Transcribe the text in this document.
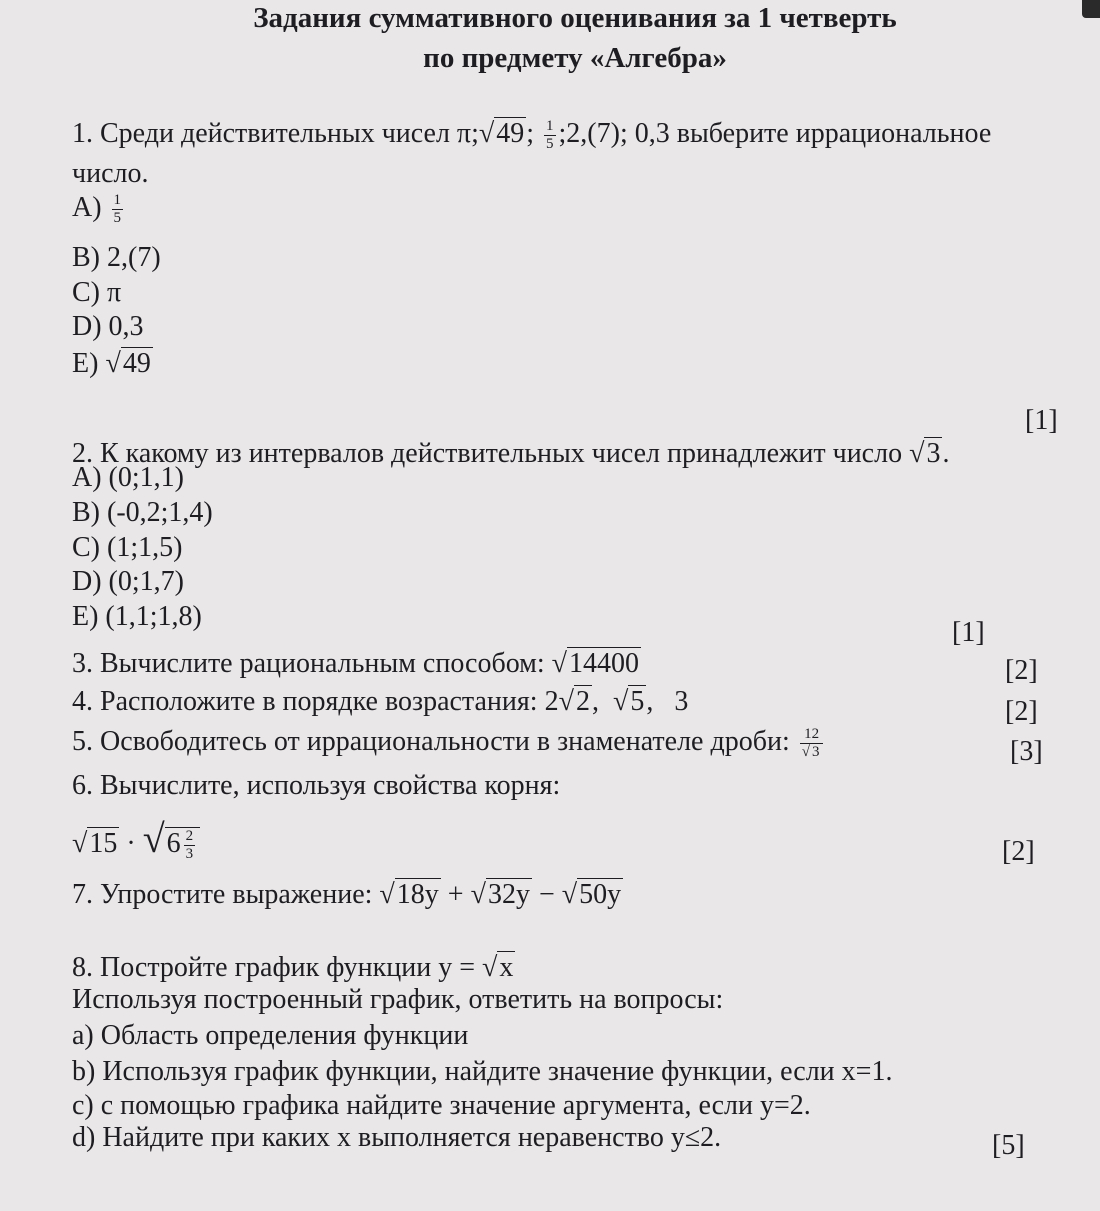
Задания суммативного оценивания за 1 четверть
по предмету «Алгебра»
1. Среди действительных чисел π;√49; $\frac{1}{5}$ ;2,(7); 0,3 выберите иррациональное
число.
$A) \frac{1}{5}$
B) 2,(7)
C) π
D) 0,3
E) √49
[1]
2. К какому из интервалов действительных чисел принадлежит число √3.
A) (0;1,1)
B) (-0,2;1,4)
C) (1;1,5)
D) (0;1,7)
E) (1,1;1,8)
[1]
3. Вычислите рациональным способом: √14400	[2]
4. Расположите в порядке возрастания: 2√2,  √5,   3	[2]
5. Освободитесь от иррациональности в знаменателе дроби: $\frac{12}{√ 3}$	[3]
6. Вычислите, используя свойства корня:
$√15 \cdot √6 \frac{2}{3}$	[2]
7. Упростите выражение: √18y + √32y − √50y
8. Постройте график функции y = √x
Используя построенный график, ответить на вопросы:
a) Область определения функции
b) Используя график функции, найдите значение функции, если x=1.
c) с помощью графика найдите значение аргумента, если y=2.
d) Найдите при каких x выполняется неравенство y≤2.	[5]
